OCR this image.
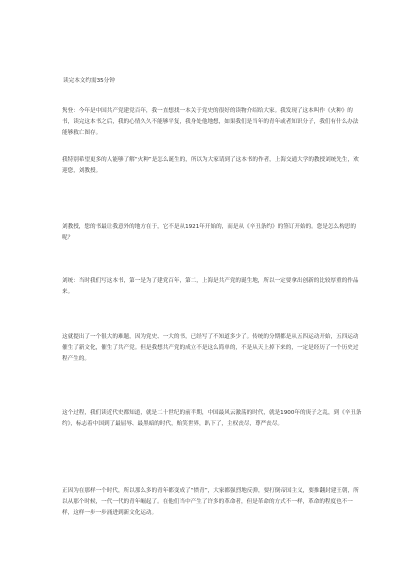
读完本文约需35分钟

隽登：今年是中国共产党建党百年，我一直想找一本关于党史的很好的读物介绍给大家。我发现了这本叫作《火种》的书，读完这本书之后，我的心情久久不能够平复，我身处他地想，如果我们是当年的青年或者知识分子，我们有什么办法能够救亡图存。

我特别希望更多的人能够了解“火种”是怎么诞生的，所以为大家请到了这本书的作者，上海交通大学的教授刘统先生，欢迎您，刘教授。

刘教授，您的书最让我意外的地方在于，它不是从1921年开始的，而是从《辛丑条约》的签订开始的。您是怎么构思的呢？

刘统：当时我们写这本书，第一是为了建党百年，第二，上海是共产党的诞生地，所以一定要拿出创新的比较厚重的作品来。

这就提出了一个很大的难题，因为党史、一大的书，已经写了不知道多少了。传统的分期都是从五四运动开始，五四运动催生了新文化，催生了共产党。但是我想共产党的成立不是这么简单的，不是从天上掉下来的，一定是经历了一个历史过程产生的。

这个过程，我们读近代史都知道，就是二十世纪的前半期，中国最风云激荡的时代，就是1900年的庚子之乱，到《辛丑条约》，标志着中国到了最屈辱、最黑暗的时代，贻笑世界，趴下了，主权丧尽，尊严丧尽。

正因为在那样一个时代，所以那么多的青年都变成了“愤青”，大家都强烈地反弹，要打倒帝国主义，要推翻封建王朝，所以从那个时候，一代一代的青年崛起了。在他们当中产生了许多的革命者，但是革命的方式不一样，革命的程度也不一样，这样一步一步涌进到新文化运动。
